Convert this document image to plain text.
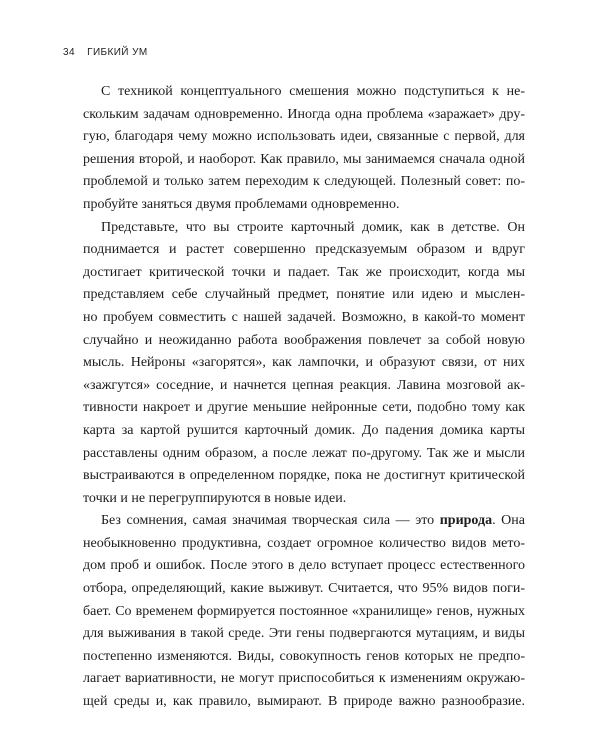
34 ГИБКИЙ УМ
С техникой концептуального смешения можно подступиться к не-
скольким задачам одновременно. Иногда одна проблема «заражает» дру-
гую, благодаря чему можно использовать идеи, связанные с первой, для
решения второй, и наоборот. Как правило, мы занимаемся сначала одной
проблемой и только затем переходим к следующей. Полезный совет: по-
пробуйте заняться двумя проблемами одновременно.
Представьте, что вы строите карточный домик, как в детстве. Он
поднимается и растет совершенно предсказуемым образом и вдруг
достигает критической точки и падает. Так же происходит, когда мы
представляем себе случайный предмет, понятие или идею и мыслен-
но пробуем совместить с нашей задачей. Возможно, в какой-то момент
случайно и неожиданно работа воображения повлечет за собой новую
мысль. Нейроны «загорятся», как лампочки, и образуют связи, от них
«зажгутся» соседние, и начнется цепная реакция. Лавина мозговой ак-
тивности накроет и другие меньшие нейронные сети, подобно тому как
карта за картой рушится карточный домик. До падения домика карты
расставлены одним образом, а после лежат по-другому. Так же и мысли
выстраиваются в определенном порядке, пока не достигнут критической
точки и не перегруппируются в новые идеи.
Без сомнения, самая значимая творческая сила — это природа. Она
необыкновенно продуктивна, создает огромное количество видов мето-
дом проб и ошибок. После этого в дело вступает процесс естественного
отбора, определяющий, какие выживут. Считается, что 95% видов поги-
бает. Со временем формируется постоянное «хранилище» генов, нужных
для выживания в такой среде. Эти гены подвергаются мутациям, и виды
постепенно изменяются. Виды, совокупность генов которых не предпо-
лагает вариативности, не могут приспособиться к изменениям окружаю-
щей среды и, как правило, вымирают. В природе важно разнообразие.
